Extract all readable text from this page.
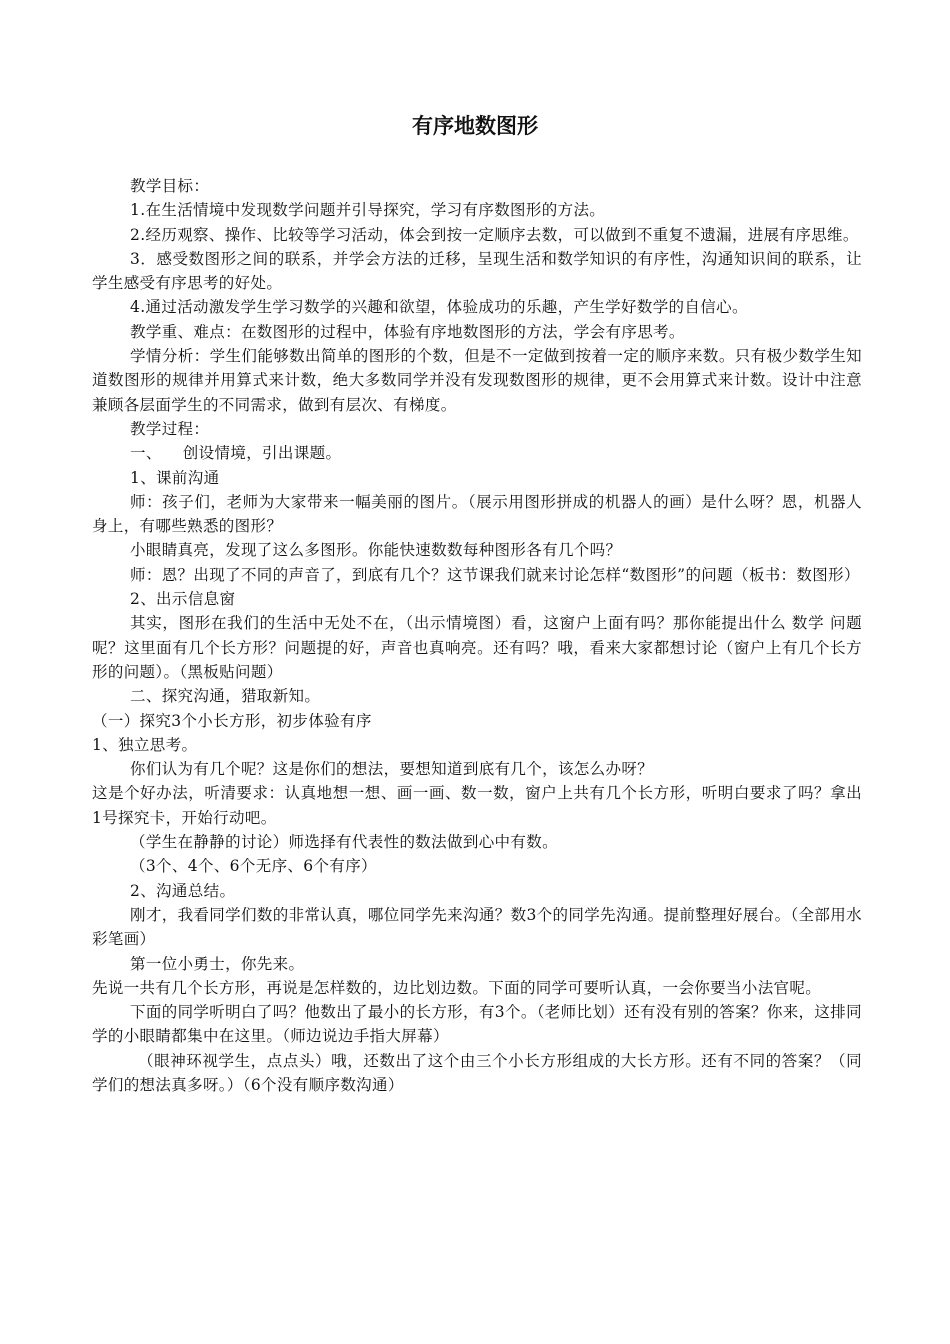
有序地数图形

教学目标：

1.在生活情境中发现数学问题并引导探究，学习有序数图形的方法。

2.经历观察、操作、比较等学习活动，体会到按一定顺序去数，可以做到不重复不遗漏，进展有序思维。

3．感受数图形之间的联系，并学会方法的迁移，呈现生活和数学知识的有序性，沟通知识间的联系，让学生感受有序思考的好处。

4.通过活动激发学生学习数学的兴趣和欲望，体验成功的乐趣，产生学好数学的自信心。

教学重、难点：在数图形的过程中，体验有序地数图形的方法，学会有序思考。

学情分析：学生们能够数出简单的图形的个数，但是不一定做到按着一定的顺序来数。只有极少数学生知道数图形的规律并用算式来计数，绝大多数同学并没有发现数图形的规律，更不会用算式来计数。设计中注意兼顾各层面学生的不同需求，做到有层次、有梯度。

教学过程：

一、    创设情境，引出课题。

1、课前沟通

师：孩子们，老师为大家带来一幅美丽的图片。（展示用图形拼成的机器人的画）是什么呀？恩，机器人身上，有哪些熟悉的图形？

小眼睛真亮，发现了这么多图形。你能快速数数每种图形各有几个吗？

师：恩？出现了不同的声音了，到底有几个？这节课我们就来讨论怎样“数图形”的问题（板书：数图形）

2、出示信息窗

其实，图形在我们的生活中无处不在，（出示情境图）看，这窗户上面有吗？那你能提出什么 数学 问题呢？这里面有几个长方形？问题提的好，声音也真响亮。还有吗？哦，看来大家都想讨论（窗户上有几个长方形的问题）。（黑板贴问题）

二、探究沟通，猎取新知。

（一）探究3个小长方形，初步体验有序

1、独立思考。

你们认为有几个呢？这是你们的想法，要想知道到底有几个，该怎么办呀？

这是个好办法，听清要求：认真地想一想、画一画、数一数，窗户上共有几个长方形，听明白要求了吗？拿出1号探究卡，开始行动吧。

（学生在静静的讨论）师选择有代表性的数法做到心中有数。

（3个、4个、6个无序、6个有序）

2、沟通总结。

刚才，我看同学们数的非常认真，哪位同学先来沟通？数3个的同学先沟通。提前整理好展台。（全部用水彩笔画）

第一位小勇士，你先来。

先说一共有几个长方形，再说是怎样数的，边比划边数。下面的同学可要听认真，一会你要当小法官呢。

下面的同学听明白了吗？他数出了最小的长方形，有3个。（老师比划）还有没有别的答案？你来，这排同学的小眼睛都集中在这里。（师边说边手指大屏幕）

（眼神环视学生，点点头）哦，还数出了这个由三个小长方形组成的大长方形。还有不同的答案？（同学们的想法真多呀。）（6个没有顺序数沟通）
